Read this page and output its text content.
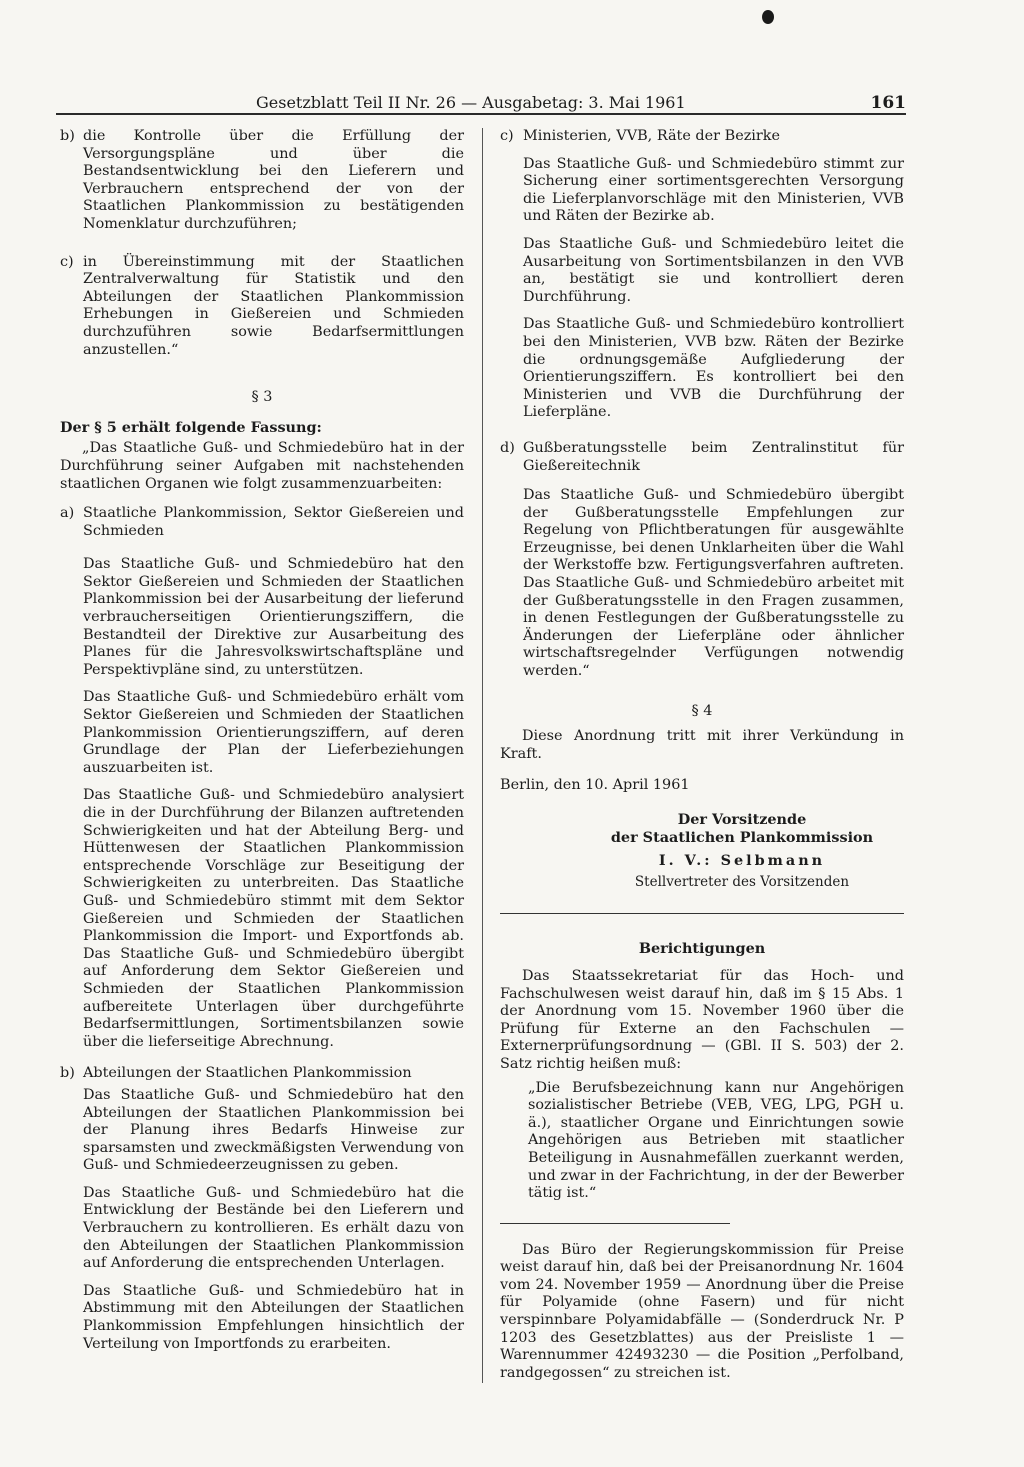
Gesetzblatt Teil II Nr. 26 — Ausgabetag: 3. Mai 1961	161
b) die Kontrolle über die Erfüllung der Versorgungspläne und über die Bestandsentwicklung bei den Lieferern und Verbrauchern entsprechend der von der Staatlichen Plankommission zu bestätigenden Nomenklatur durchzuführen;

c) in Übereinstimmung mit der Staatlichen Zentralverwaltung für Statistik und den Abteilungen der Staatlichen Plankommission Erhebungen in Gießereien und Schmieden durchzuführen sowie Bedarfsermittlungen anzustellen.“

§ 3

Der § 5 erhält folgende Fassung:

„Das Staatliche Guß- und Schmiedebüro hat in der Durchführung seiner Aufgaben mit nachstehenden staatlichen Organen wie folgt zusammenzuarbeiten:

a) Staatliche Plankommission, Sektor Gießereien und Schmieden

Das Staatliche Guß- und Schmiedebüro hat den Sektor Gießereien und Schmieden der Staatlichen Plankommission bei der Ausarbeitung der lieferund verbraucherseitigen Orientierungsziffern, die Bestandteil der Direktive zur Ausarbeitung des Planes für die Jahresvolkswirtschaftspläne und Perspektivpläne sind, zu unterstützen.

Das Staatliche Guß- und Schmiedebüro erhält vom Sektor Gießereien und Schmieden der Staatlichen Plankommission Orientierungsziffern, auf deren Grundlage der Plan der Lieferbeziehungen auszuarbeiten ist.

Das Staatliche Guß- und Schmiedebüro analysiert die in der Durchführung der Bilanzen auftretenden Schwierigkeiten und hat der Abteilung Berg- und Hüttenwesen der Staatlichen Plankommission entsprechende Vorschläge zur Beseitigung der Schwierigkeiten zu unterbreiten. Das Staatliche Guß- und Schmiedebüro stimmt mit dem Sektor Gießereien und Schmieden der Staatlichen Plankommission die Import- und Exportfonds ab. Das Staatliche Guß- und Schmiedebüro übergibt auf Anforderung dem Sektor Gießereien und Schmieden der Staatlichen Plankommission aufbereitete Unterlagen über durchgeführte Bedarfsermittlungen, Sortimentsbilanzen sowie über die lieferseitige Abrechnung.

b) Abteilungen der Staatlichen Plankommission

Das Staatliche Guß- und Schmiedebüro hat den Abteilungen der Staatlichen Plankommission bei der Planung ihres Bedarfs Hinweise zur sparsamsten und zweckmäßigsten Verwendung von Guß- und Schmiedeerzeugnissen zu geben.

Das Staatliche Guß- und Schmiedebüro hat die Entwicklung der Bestände bei den Lieferern und Verbrauchern zu kontrollieren. Es erhält dazu von den Abteilungen der Staatlichen Plankommission auf Anforderung die entsprechenden Unterlagen.

Das Staatliche Guß- und Schmiedebüro hat in Abstimmung mit den Abteilungen der Staatlichen Plankommission Empfehlungen hinsichtlich der Verteilung von Importfonds zu erarbeiten.

c) Ministerien, VVB, Räte der Bezirke

Das Staatliche Guß- und Schmiedebüro stimmt zur Sicherung einer sortimentsgerechten Versorgung die Lieferplanvorschläge mit den Ministerien, VVB und Räten der Bezirke ab.

Das Staatliche Guß- und Schmiedebüro leitet die Ausarbeitung von Sortimentsbilanzen in den VVB an, bestätigt sie und kontrolliert deren Durchführung.

Das Staatliche Guß- und Schmiedebüro kontrolliert bei den Ministerien, VVB bzw. Räten der Bezirke die ordnungsgemäße Aufgliederung der Orientierungsziffern. Es kontrolliert bei den Ministerien und VVB die Durchführung der Lieferpläne.

d) Gußberatungsstelle beim Zentralinstitut für Gießereitechnik

Das Staatliche Guß- und Schmiedebüro übergibt der Gußberatungsstelle Empfehlungen zur Regelung von Pflichtberatungen für ausgewählte Erzeugnisse, bei denen Unklarheiten über die Wahl der Werkstoffe bzw. Fertigungsverfahren auftreten. Das Staatliche Guß- und Schmiedebüro arbeitet mit der Gußberatungsstelle in den Fragen zusammen, in denen Festlegungen der Gußberatungsstelle zu Änderungen der Lieferpläne oder ähnlicher wirtschaftsregelnder Verfügungen notwendig werden.“

§ 4

Diese Anordnung tritt mit ihrer Verkündung in Kraft.

Berlin, den 10. April 1961

Der Vorsitzende

der Staatlichen Plankommission

I. V.: Selbmann

Stellvertreter des Vorsitzenden

Berichtigungen

Das Staatssekretariat für das Hoch- und Fachschulwesen weist darauf hin, daß im § 15 Abs. 1 der Anordnung vom 15. November 1960 über die Prüfung für Externe an den Fachschulen — Externerprüfungsordnung — (GBl. II S. 503) der 2. Satz richtig heißen muß:

„Die Berufsbezeichnung kann nur Angehörigen sozialistischer Betriebe (VEB, VEG, LPG, PGH u. ä.), staatlicher Organe und Einrichtungen sowie Angehörigen aus Betrieben mit staatlicher Beteiligung in Ausnahmefällen zuerkannt werden, und zwar in der Fachrichtung, in der der Bewerber tätig ist.“

Das Büro der Regierungskommission für Preise weist darauf hin, daß bei der Preisanordnung Nr. 1604 vom 24. November 1959 — Anordnung über die Preise für Polyamide (ohne Fasern) und für nicht verspinnbare Polyamidabfälle — (Sonderdruck Nr. P 1203 des Gesetzblattes) aus der Preisliste 1 — Warennummer 42493230 — die Position „Perfolband, randgegossen“ zu streichen ist.
